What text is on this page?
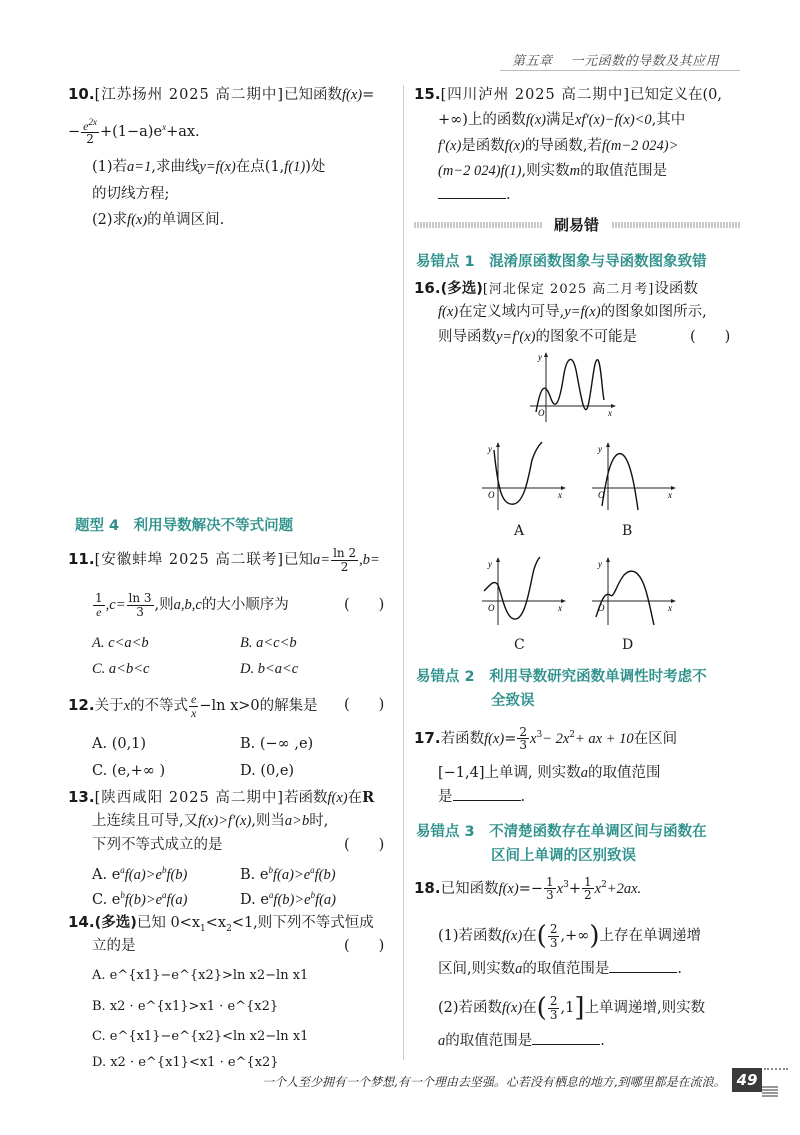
第五章　 一元函数的导数及其应用
10.[江苏扬州 2025 高二期中]已知函数f(x)=
− $\frac{e^{2x}}{2} +(1-a)e^x+ax$.
(1)若a=1,求曲线y=f(x)在点(1,f(1))处
的切线方程;
(2)求f(x)的单调区间.
题型 4　利用导数解决不等式问题
11.[安徽蚌埠 2025 高二联考]已知$a= \frac{\ln 2}{2} ,b=$
$\frac{1}{e} ,c= \frac{\ln 3}{3}$ ,则a,b,c的大小顺序为	(　　)
A. c<a<b	B. a<c<b
C. a<b<c	D. b<a<c
12.关于x的不等式 $\frac{e}{x} -\ln$ x>0的解集是 (　　)
A. (0,1)	B. (−∞ ,e)
C. (e,+∞ )	D. (0,e)
13.[陕西咸阳 2025 高二期中]若函数f(x)在R
上连续且可导,又f(x)>f′(x),则当a>b时,
下列不等式成立的是	(　　)
A. $e^af(a)>e^bf(b)$	B. $e^bf(a)>e^af(b)$
C. $e^bf(b)>e^af(a)$	D. $e^af(b)>e^bf(a)$
14.(多选)已知 $0<x_1<x_2<1$,则下列不等式恒成
立的是	(　　)
A. e^{x1}−e^{x2}>ln x2−ln x1
B. x2 · e^{x1}>x1 · e^{x2}
C. e^{x1}−e^{x2}<ln x2−ln x1
D. x2 · e^{x1}<x1 · e^{x2}
15.[四川泸州 2025 高二期中]已知定义在(0,
+∞)上的函数f(x)满足xf′(x)−f(x)<0,其中
f′(x)是函数f(x)的导函数,若f(m−2 024)>
(m−2 024)f(1),则实数m的取值范围是
.
刷易错
易错点 1　混淆原函数图象与导函数图象致错
16.(多选)[河北保定 2025 高二月考]设函数
f(x)在定义域内可导,y=f(x)的图象如图所示,
则导函数y=f′(x)的图象不可能是	(　　)
y
x
O
y
x
O
A
y
x
O
B
y
x
O
C
y
x
O
D
易错点 2　利用导数研究函数单调性时考虑不
全致误
17.若函数$f(x)= \frac{2}{3} x^3- 2x^2+$ ax + 10在区间
[−1,4]上单调, 则实数a的取值范围
是	.
易错点 3　不清楚函数存在单调区间与函数在
区间上单调的区别致误
18.已知函数$f(x)=- \frac{1}{3} x^3+ \frac{1}{2} x^2+2ax$.
(1)若函数f(x)在( $\frac{2}{3}$ ,+∞)上存在单调递增
区间,则实数a的取值范围是	.
(2)若函数f(x)在( $\frac{2}{3} ,1$]上单调递增,则实数
a的取值范围是	.
一个人至少拥有一个梦想,有一个理由去坚强。心若没有栖息的地方,到哪里都是在流浪。 49
